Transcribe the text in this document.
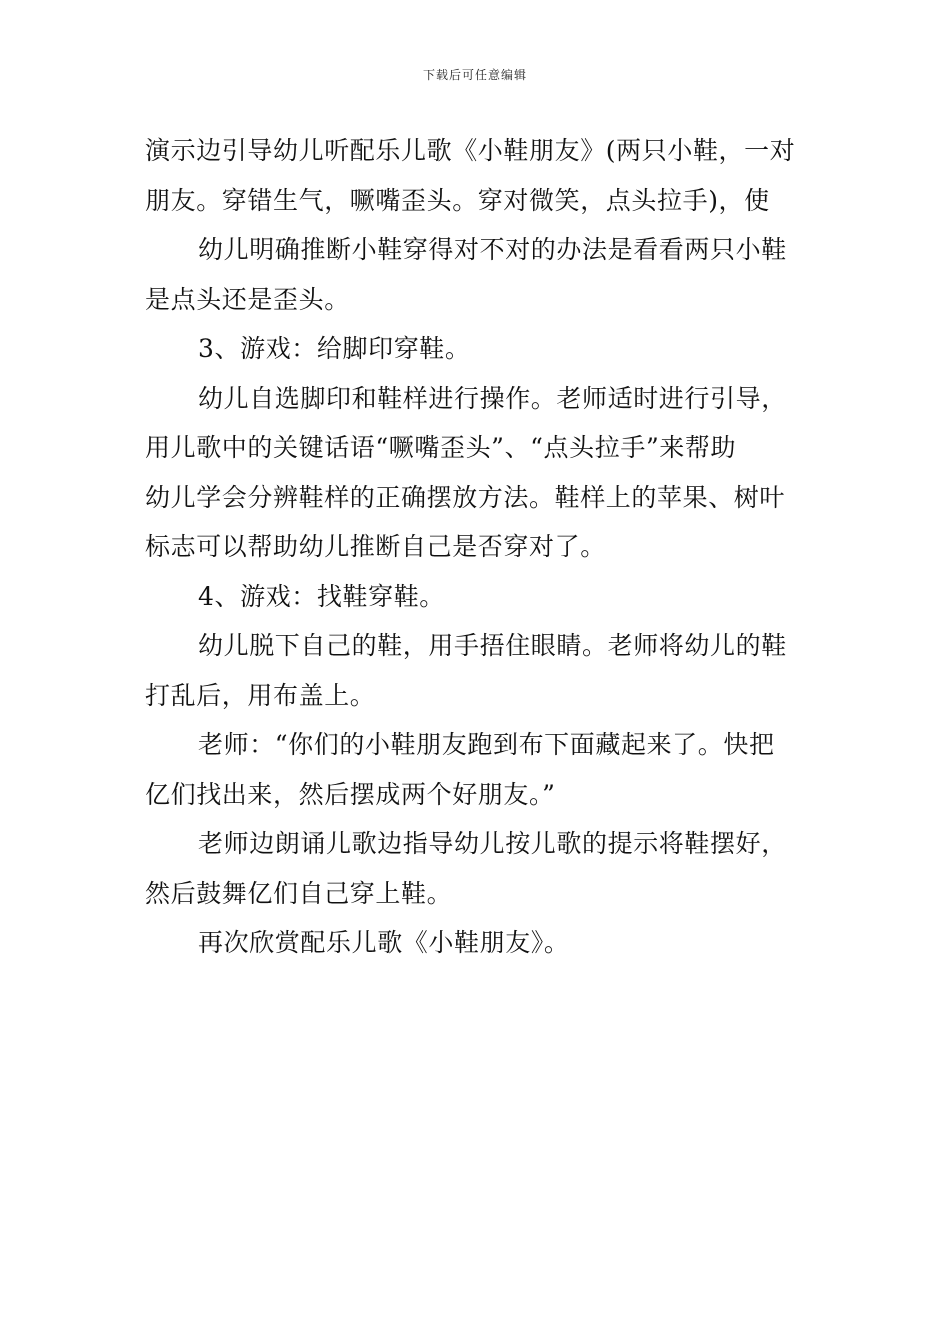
下载后可任意编辑

演示边引导幼儿听配乐儿歌《小鞋朋友》(两只小鞋，一对
朋友。穿错生气，噘嘴歪头。穿对微笑，点头拉手)，使

幼儿明确推断小鞋穿得对不对的办法是看看两只小鞋

是点头还是歪头。

3、游戏：给脚印穿鞋。

幼儿自选脚印和鞋样进行操作。老师适时进行引导，

用儿歌中的关键话语“噘嘴歪头”、“点头拉手”来帮助
幼儿学会分辨鞋样的正确摆放方法。鞋样上的苹果、树叶
标志可以帮助幼儿推断自己是否穿对了。

4、游戏：找鞋穿鞋。

幼儿脱下自己的鞋，用手捂住眼睛。老师将幼儿的鞋

打乱后，用布盖上。

老师：“你们的小鞋朋友跑到布下面藏起来了。快把

亿们找出来，然后摆成两个好朋友。”

老师边朗诵儿歌边指导幼儿按儿歌的提示将鞋摆好，

然后鼓舞亿们自己穿上鞋。

再次欣赏配乐儿歌《小鞋朋友》。
